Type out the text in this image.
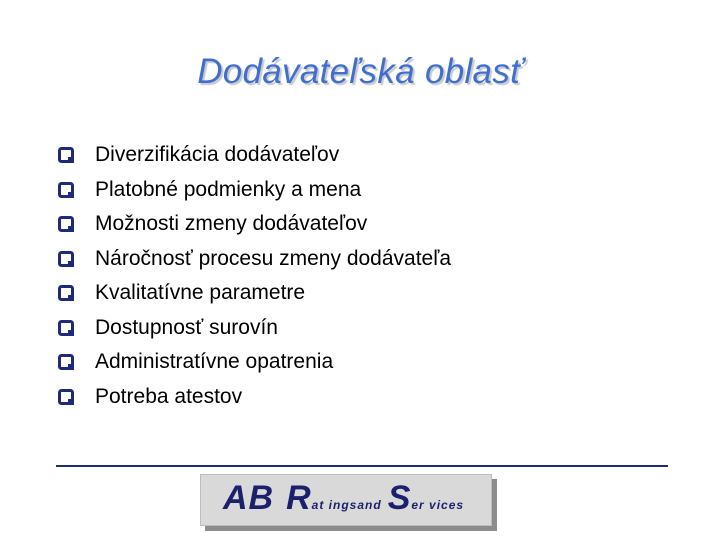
Dodávateľská oblasť
Diverzifikácia dodávateľov
Platobné podmienky a mena
Možnosti zmeny dodávateľov
Náročnosť procesu zmeny dodávateľa
Kvalitatívne parametre
Dostupnosť surovín
Administratívne opatrenia
Potreba atestov
AB Rat ingsand Ser vices
